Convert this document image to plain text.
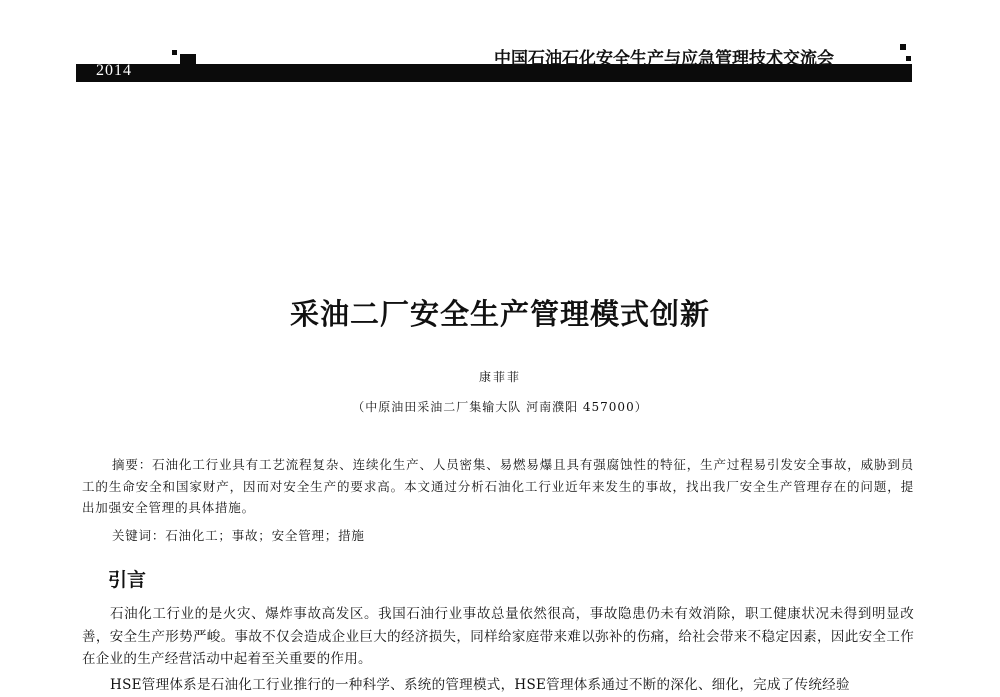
2014
中国石油石化安全生产与应急管理技术交流会
采油二厂安全生产管理模式创新
康菲菲
（中原油田采油二厂集输大队 河南濮阳 457000）
摘要：石油化工行业具有工艺流程复杂、连续化生产、人员密集、易燃易爆且具有强腐蚀性的特征，生产过程易引发安全事故，威胁到员工的生命安全和国家财产，因而对安全生产的要求高。本文通过分析石油化工行业近年来发生的事故，找出我厂安全生产管理存在的问题，提出加强安全管理的具体措施。
关键词：石油化工；事故；安全管理；措施
引言
石油化工行业的是火灾、爆炸事故高发区。我国石油行业事故总量依然很高，事故隐患仍未有效消除，职工健康状况未得到明显改善，安全生产形势严峻。事故不仅会造成企业巨大的经济损失，同样给家庭带来难以弥补的伤痛，给社会带来不稳定因素，因此安全工作在企业的生产经营活动中起着至关重要的作用。
HSE管理体系是石油化工行业推行的一种科学、系统的管理模式，HSE管理体系通过不断的深化、细化，完成了传统经验
